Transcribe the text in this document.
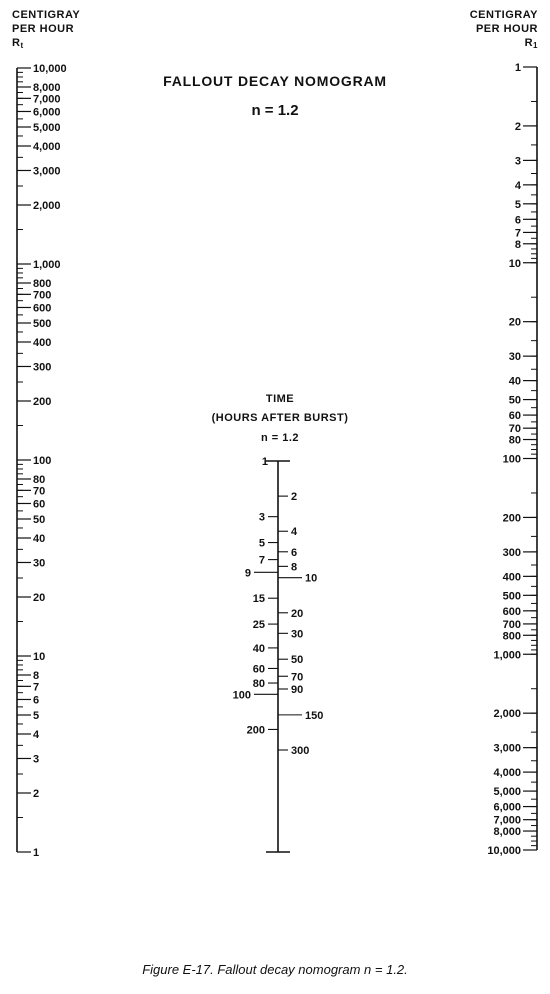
10,000
8,000
7,000
6,000
5,000
4,000
3,000
2,000
1,000
800
700
600
500
400
300
200
100
80
70
60
50
40
30
20
10
8
7
6
5
4
3
2
1
1
2
3
4
5
6
7
8
10
20
30
40
50
60
70
80
100
200
300
400
500
600
700
800
1,000
2,000
3,000
4,000
5,000
6,000
7,000
8,000
10,000
1
2
4
6
8
10
20
30
50
70
90
150
300
3
5
7
9
15
25
40
60
80
100
200
CENTIGRAY
PER HOUR
$R_t$
CENTIGRAY
PER HOUR
$R_1$
FALLOUT DECAY NOMOGRAM
n = 1.2
TIME
(HOURS AFTER BURST)
n = 1.2
Figure E-17. Fallout decay nomogram n = 1.2.
